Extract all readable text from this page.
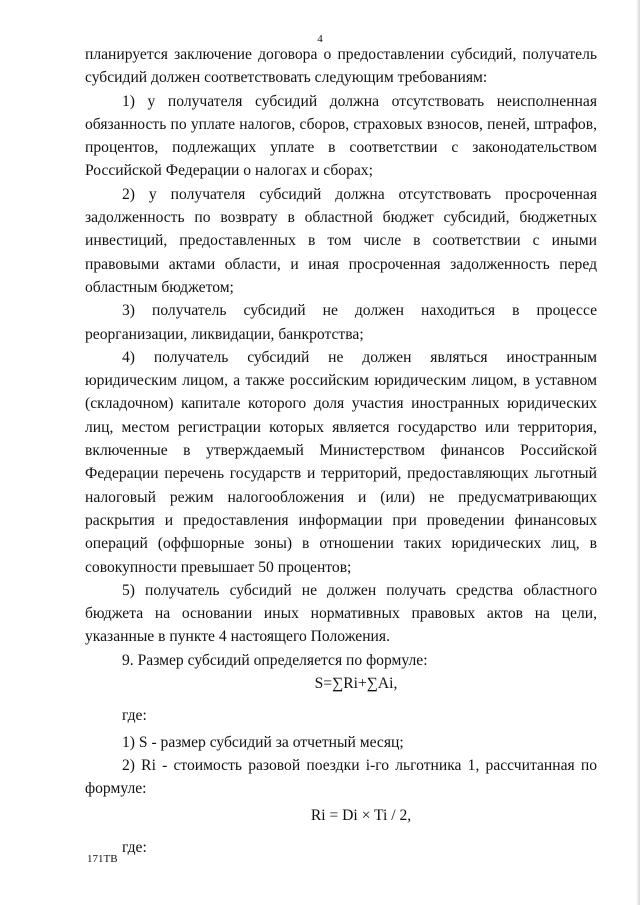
4

планируется заключение договора о предоставлении субсидий, получатель субсидий должен соответствовать следующим требованиям:

1) у получателя субсидий должна отсутствовать неисполненная обязанность по уплате налогов, сборов, страховых взносов, пеней, штрафов, процентов, подлежащих уплате в соответствии с законодательством Российской Федерации о налогах и сборах;

2) у получателя субсидий должна отсутствовать просроченная задолженность по возврату в областной бюджет субсидий, бюджетных инвестиций, предоставленных в том числе в соответствии с иными правовыми актами области, и иная просроченная задолженность перед областным бюджетом;

3) получатель субсидий не должен находиться в процессе реорганизации, ликвидации, банкротства;

4) получатель субсидий не должен являться иностранным юридическим лицом, а также российским юридическим лицом, в уставном (складочном) капитале которого доля участия иностранных юридических лиц, местом регистрации которых является государство или территория, включенные в утверждаемый Министерством финансов Российской Федерации перечень государств и территорий, предоставляющих льготный налоговый режим налогообложения и (или) не предусматривающих раскрытия и предоставления информации при проведении финансовых операций (оффшорные зоны) в отношении таких юридических лиц, в совокупности превышает 50 процентов;

5) получатель субсидий не должен получать средства областного бюджета на основании иных нормативных правовых актов на цели, указанные в пункте 4 настоящего Положения.

9. Размер субсидий определяется по формуле:

S=∑Ri+∑Ai,

где:

1) S - размер субсидий за отчетный месяц;

2) Ri - стоимость разовой поездки i-го льготника 1, рассчитанная по формуле:

Ri = Di × Ti / 2,

где:

171ТВ
